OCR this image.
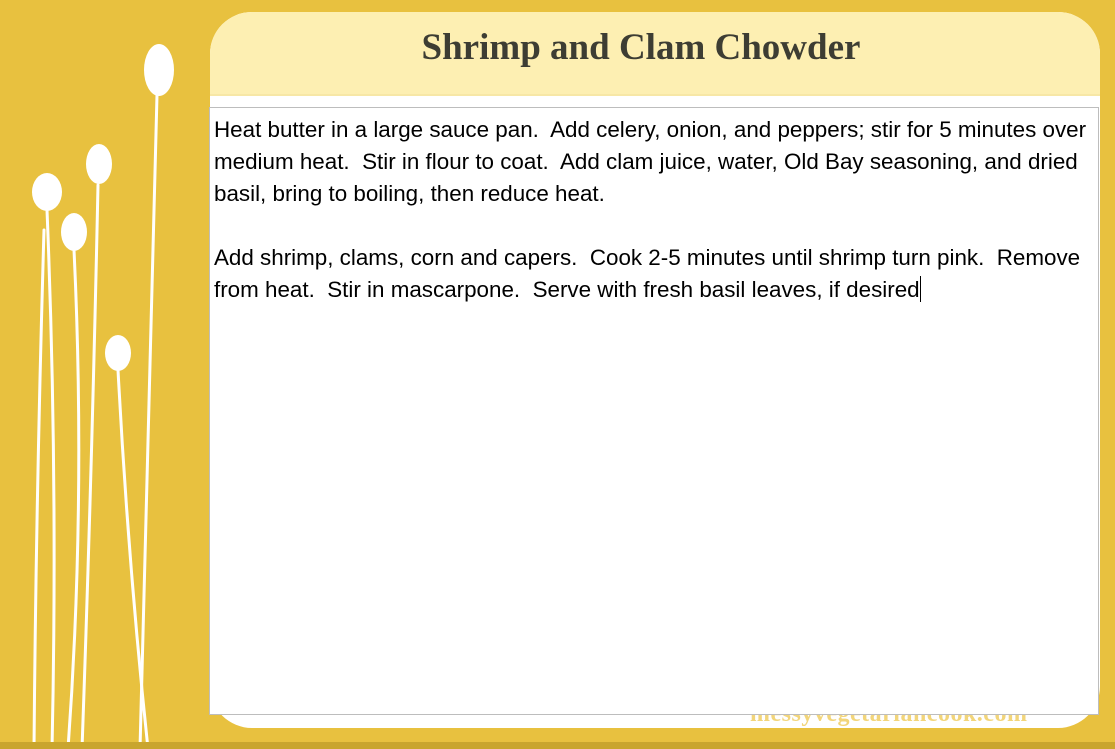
Shrimp and Clam Chowder
Heat butter in a large sauce pan.  Add celery, onion, and peppers; stir for 5 minutes over medium heat.  Stir in flour to coat.  Add clam juice, water, Old Bay seasoning, and dried basil, bring to boiling, then reduce heat.

Add shrimp, clams, corn and capers.  Cook 2-5 minutes until shrimp turn pink.  Remove from heat.  Stir in mascarpone.  Serve with fresh basil leaves, if desired
